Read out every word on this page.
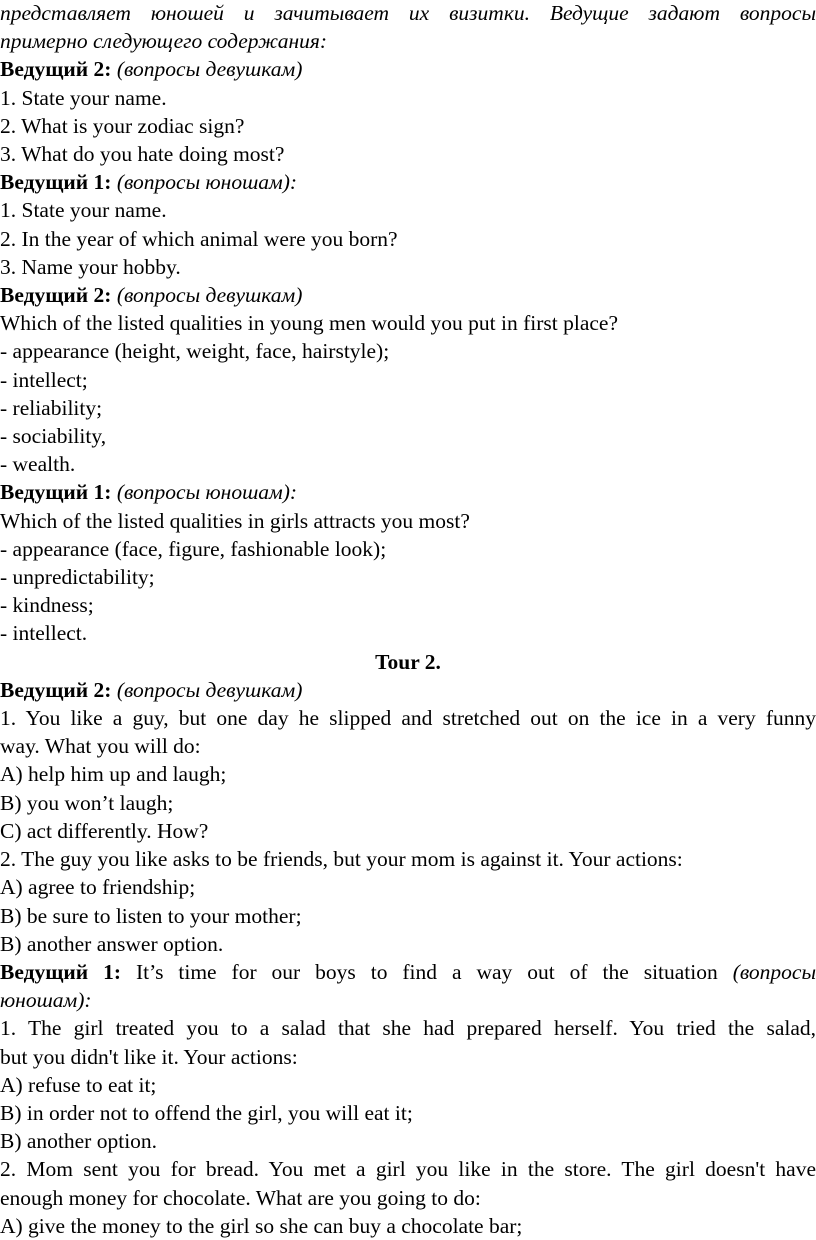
представляет юношей и зачитывает их визитки. Ведущие задают вопросы
примерно следующего содержания:
Ведущий 2: (вопросы девушкам)
1. State your name.
2. What is your zodiac sign?
3. What do you hate doing most?
Ведущий 1: (вопросы юношам):
1. State your name.
2. In the year of which animal were you born?
3. Name your hobby.
Ведущий 2: (вопросы девушкам)
Which of the listed qualities in young men would you put in first place?
- appearance (height, weight, face, hairstyle);
- intellect;
- reliability;
- sociability,
- wealth.
Ведущий 1: (вопросы юношам):
Which of the listed qualities in girls attracts you most?
- appearance (face, figure, fashionable look);
- unpredictability;
- kindness;
- intellect.
Tour 2.
Ведущий 2: (вопросы девушкам)
1. You like a guy, but one day he slipped and stretched out on the ice in a very funny
way. What you will do:
A) help him up and laugh;
B) you won’t laugh;
C) act differently. How?
2. The guy you like asks to be friends, but your mom is against it. Your actions:
A) agree to friendship;
B) be sure to listen to your mother;
B) another answer option.
Ведущий 1: It’s time for our boys to find a way out of the situation (вопросы
юношам):
1. The girl treated you to a salad that she had prepared herself. You tried the salad,
but you didn't like it. Your actions:
A) refuse to eat it;
B) in order not to offend the girl, you will eat it;
B) another option.
2. Mom sent you for bread. You met a girl you like in the store. The girl doesn't have
enough money for chocolate. What are you going to do:
A) give the money to the girl so she can buy a chocolate bar;
